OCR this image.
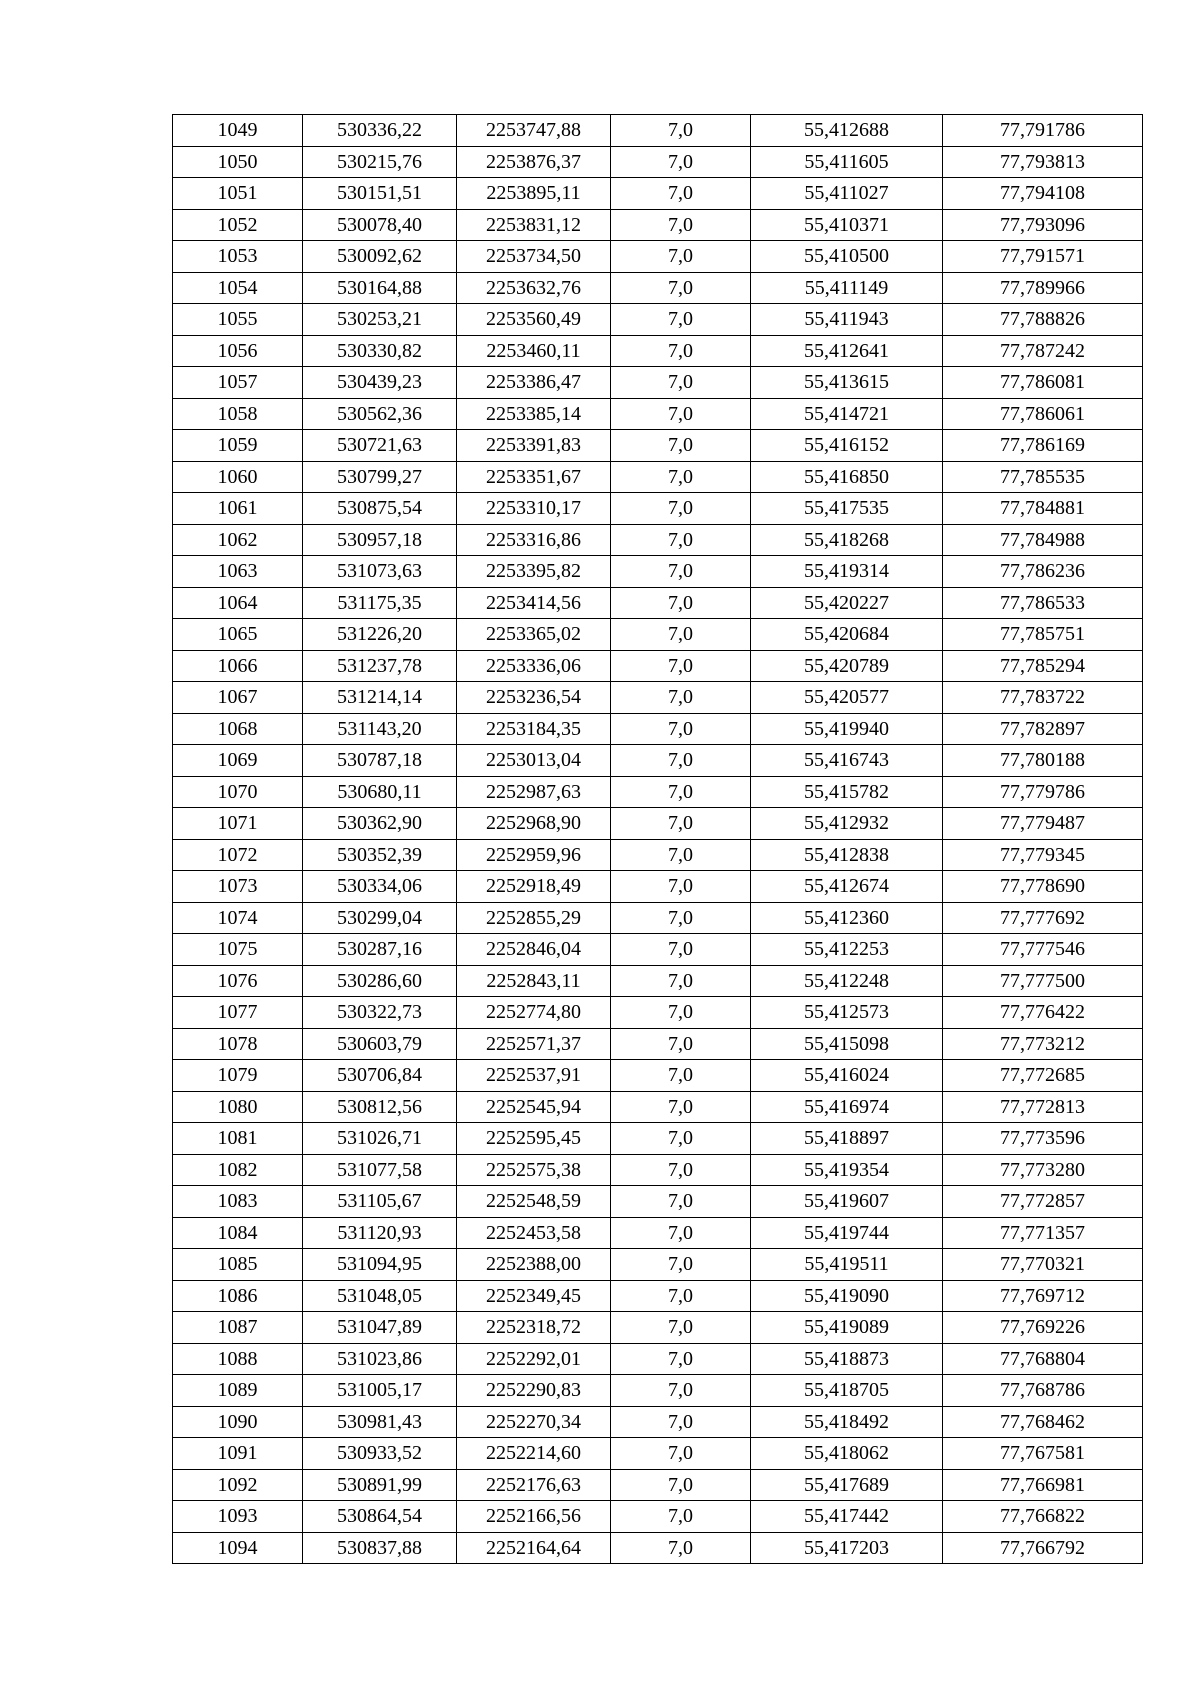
1049	530336,22	2253747,88	7,0	55,412688	77,791786
1050	530215,76	2253876,37	7,0	55,411605	77,793813
1051	530151,51	2253895,11	7,0	55,411027	77,794108
1052	530078,40	2253831,12	7,0	55,410371	77,793096
1053	530092,62	2253734,50	7,0	55,410500	77,791571
1054	530164,88	2253632,76	7,0	55,411149	77,789966
1055	530253,21	2253560,49	7,0	55,411943	77,788826
1056	530330,82	2253460,11	7,0	55,412641	77,787242
1057	530439,23	2253386,47	7,0	55,413615	77,786081
1058	530562,36	2253385,14	7,0	55,414721	77,786061
1059	530721,63	2253391,83	7,0	55,416152	77,786169
1060	530799,27	2253351,67	7,0	55,416850	77,785535
1061	530875,54	2253310,17	7,0	55,417535	77,784881
1062	530957,18	2253316,86	7,0	55,418268	77,784988
1063	531073,63	2253395,82	7,0	55,419314	77,786236
1064	531175,35	2253414,56	7,0	55,420227	77,786533
1065	531226,20	2253365,02	7,0	55,420684	77,785751
1066	531237,78	2253336,06	7,0	55,420789	77,785294
1067	531214,14	2253236,54	7,0	55,420577	77,783722
1068	531143,20	2253184,35	7,0	55,419940	77,782897
1069	530787,18	2253013,04	7,0	55,416743	77,780188
1070	530680,11	2252987,63	7,0	55,415782	77,779786
1071	530362,90	2252968,90	7,0	55,412932	77,779487
1072	530352,39	2252959,96	7,0	55,412838	77,779345
1073	530334,06	2252918,49	7,0	55,412674	77,778690
1074	530299,04	2252855,29	7,0	55,412360	77,777692
1075	530287,16	2252846,04	7,0	55,412253	77,777546
1076	530286,60	2252843,11	7,0	55,412248	77,777500
1077	530322,73	2252774,80	7,0	55,412573	77,776422
1078	530603,79	2252571,37	7,0	55,415098	77,773212
1079	530706,84	2252537,91	7,0	55,416024	77,772685
1080	530812,56	2252545,94	7,0	55,416974	77,772813
1081	531026,71	2252595,45	7,0	55,418897	77,773596
1082	531077,58	2252575,38	7,0	55,419354	77,773280
1083	531105,67	2252548,59	7,0	55,419607	77,772857
1084	531120,93	2252453,58	7,0	55,419744	77,771357
1085	531094,95	2252388,00	7,0	55,419511	77,770321
1086	531048,05	2252349,45	7,0	55,419090	77,769712
1087	531047,89	2252318,72	7,0	55,419089	77,769226
1088	531023,86	2252292,01	7,0	55,418873	77,768804
1089	531005,17	2252290,83	7,0	55,418705	77,768786
1090	530981,43	2252270,34	7,0	55,418492	77,768462
1091	530933,52	2252214,60	7,0	55,418062	77,767581
1092	530891,99	2252176,63	7,0	55,417689	77,766981
1093	530864,54	2252166,56	7,0	55,417442	77,766822
1094	530837,88	2252164,64	7,0	55,417203	77,766792
